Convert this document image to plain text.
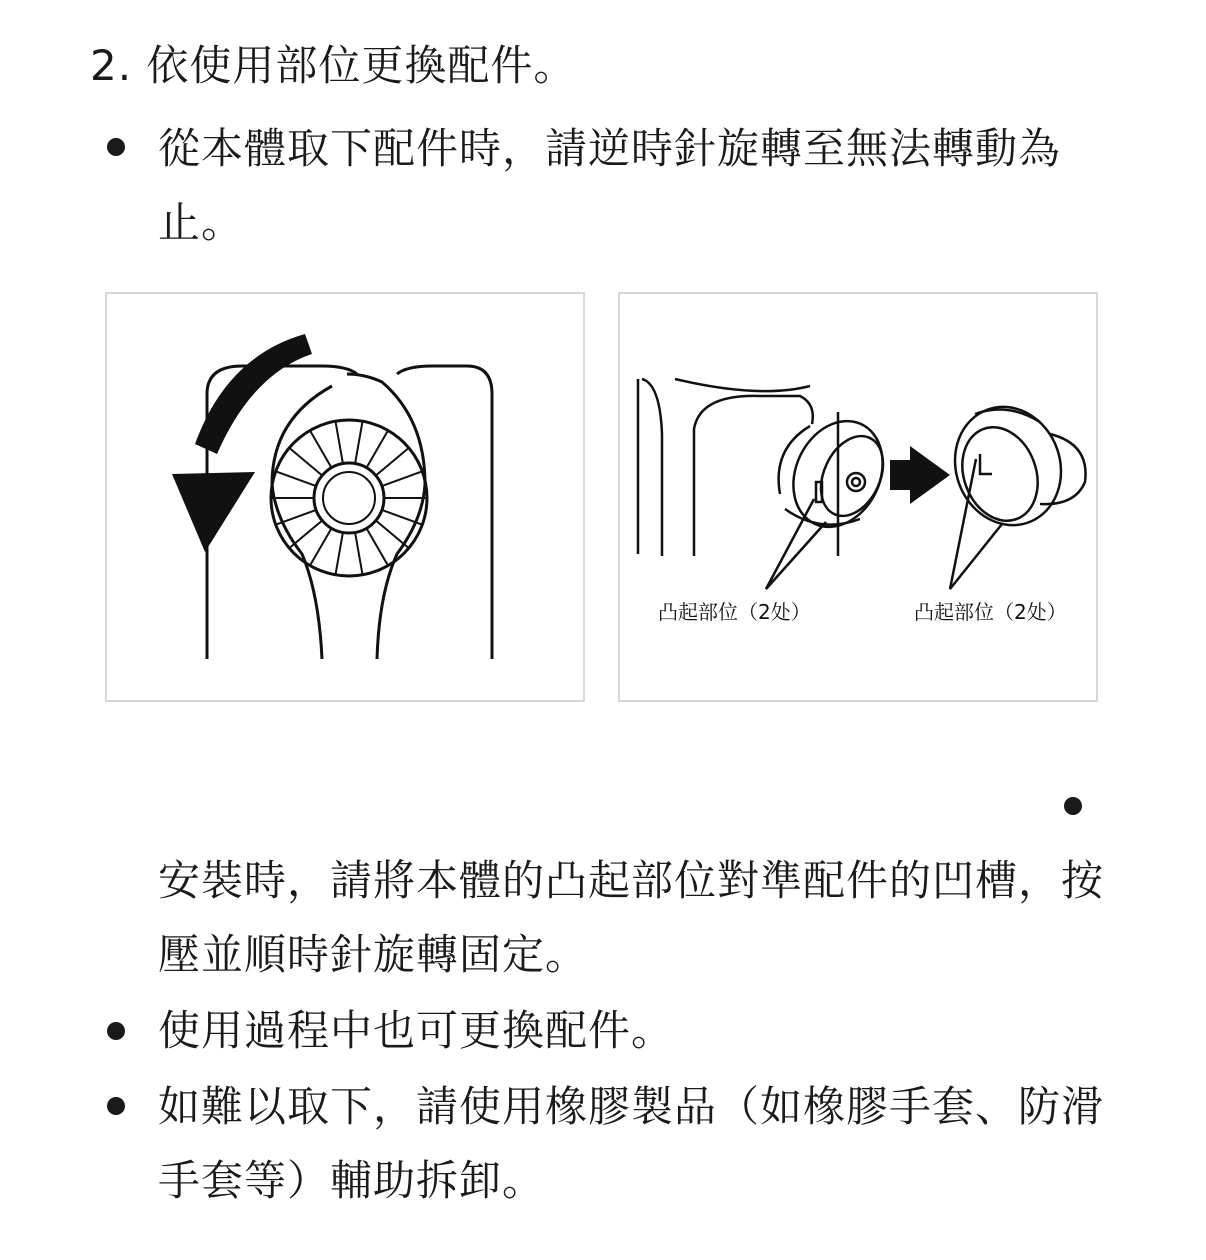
2. 依使用部位更換配件。

從本體取下配件時，請逆時針旋轉至無法轉動為止。

凸起部位（2处）	凸起部位（2处）

安裝時，請將本體的凸起部位對準配件的凹槽，按壓並順時針旋轉固定。

使用過程中也可更換配件。

如難以取下，請使用橡膠製品（如橡膠手套、防滑手套等）輔助拆卸。
